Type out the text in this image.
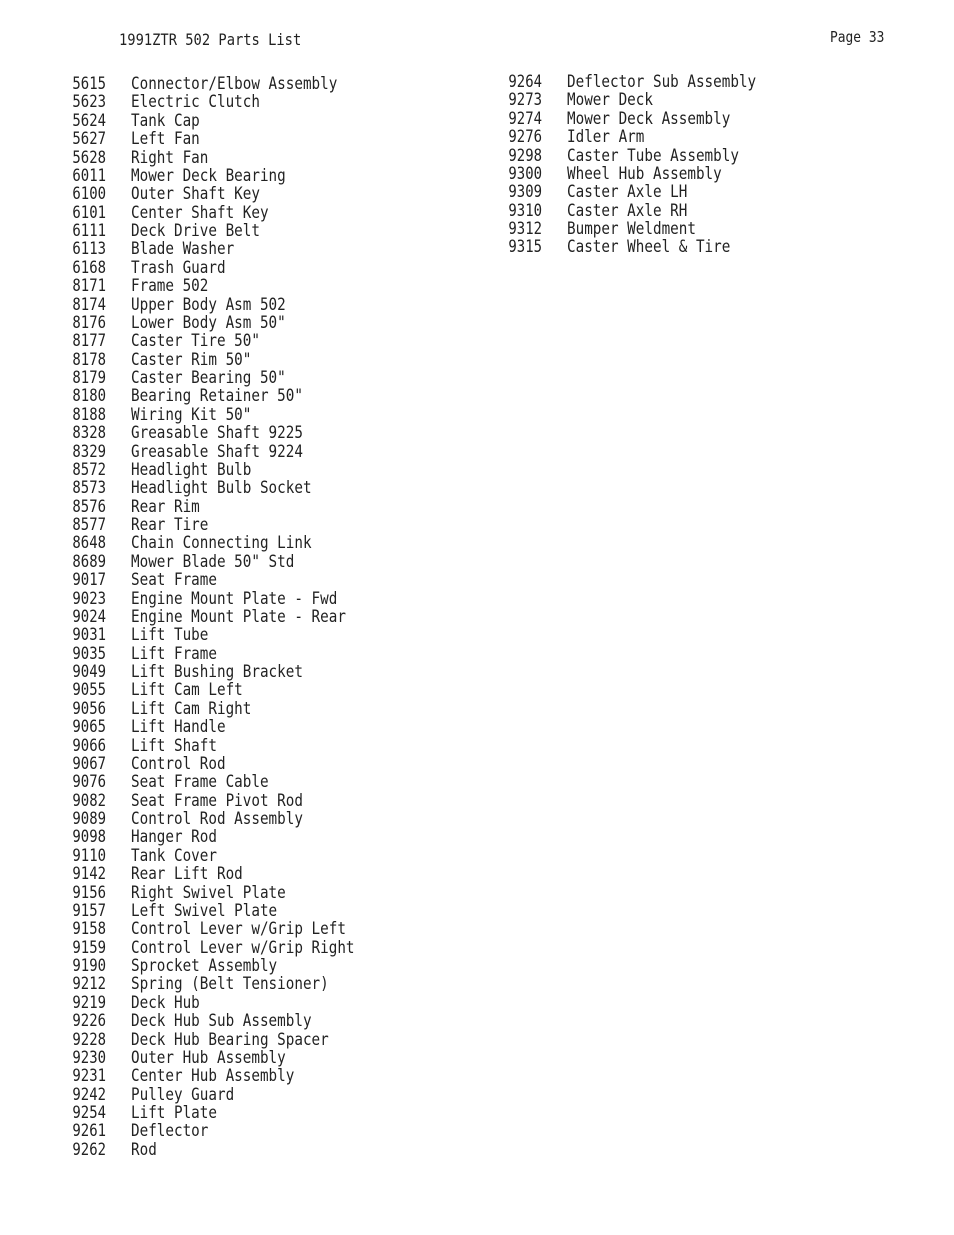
1991ZTR 502 Parts List	Page 33
5615 Connector/Elbow Assembly
5623 Electric Clutch
5624 Tank Cap
5627 Left Fan
5628 Right Fan
6011 Mower Deck Bearing
6100 Outer Shaft Key
6101 Center Shaft Key
6111 Deck Drive Belt
6113 Blade Washer
6168 Trash Guard
8171 Frame 502
8174 Upper Body Asm 502
8176 Lower Body Asm 50"
8177 Caster Tire 50"
8178 Caster Rim 50"
8179 Caster Bearing 50"
8180 Bearing Retainer 50"
8188 Wiring Kit 50"
8328 Greasable Shaft 9225
8329 Greasable Shaft 9224
8572 Headlight Bulb
8573 Headlight Bulb Socket
8576 Rear Rim
8577 Rear Tire
8648 Chain Connecting Link
8689 Mower Blade 50" Std
9017 Seat Frame
9023 Engine Mount Plate - Fwd
9024 Engine Mount Plate - Rear
9031 Lift Tube
9035 Lift Frame
9049 Lift Bushing Bracket
9055 Lift Cam Left
9056 Lift Cam Right
9065 Lift Handle
9066 Lift Shaft
9067 Control Rod
9076 Seat Frame Cable
9082 Seat Frame Pivot Rod
9089 Control Rod Assembly
9098 Hanger Rod
9110 Tank Cover
9142 Rear Lift Rod
9156 Right Swivel Plate
9157 Left Swivel Plate
9158 Control Lever w/Grip Left
9159 Control Lever w/Grip Right
9190 Sprocket Assembly
9212 Spring (Belt Tensioner)
9219 Deck Hub
9226 Deck Hub Sub Assembly
9228 Deck Hub Bearing Spacer
9230 Outer Hub Assembly
9231 Center Hub Assembly
9242 Pulley Guard
9254 Lift Plate
9261 Deflector
9262 Rod
9264 Deflector Sub Assembly
9273 Mower Deck
9274 Mower Deck Assembly
9276 Idler Arm
9298 Caster Tube Assembly
9300 Wheel Hub Assembly
9309 Caster Axle LH
9310 Caster Axle RH
9312 Bumper Weldment
9315 Caster Wheel & Tire
